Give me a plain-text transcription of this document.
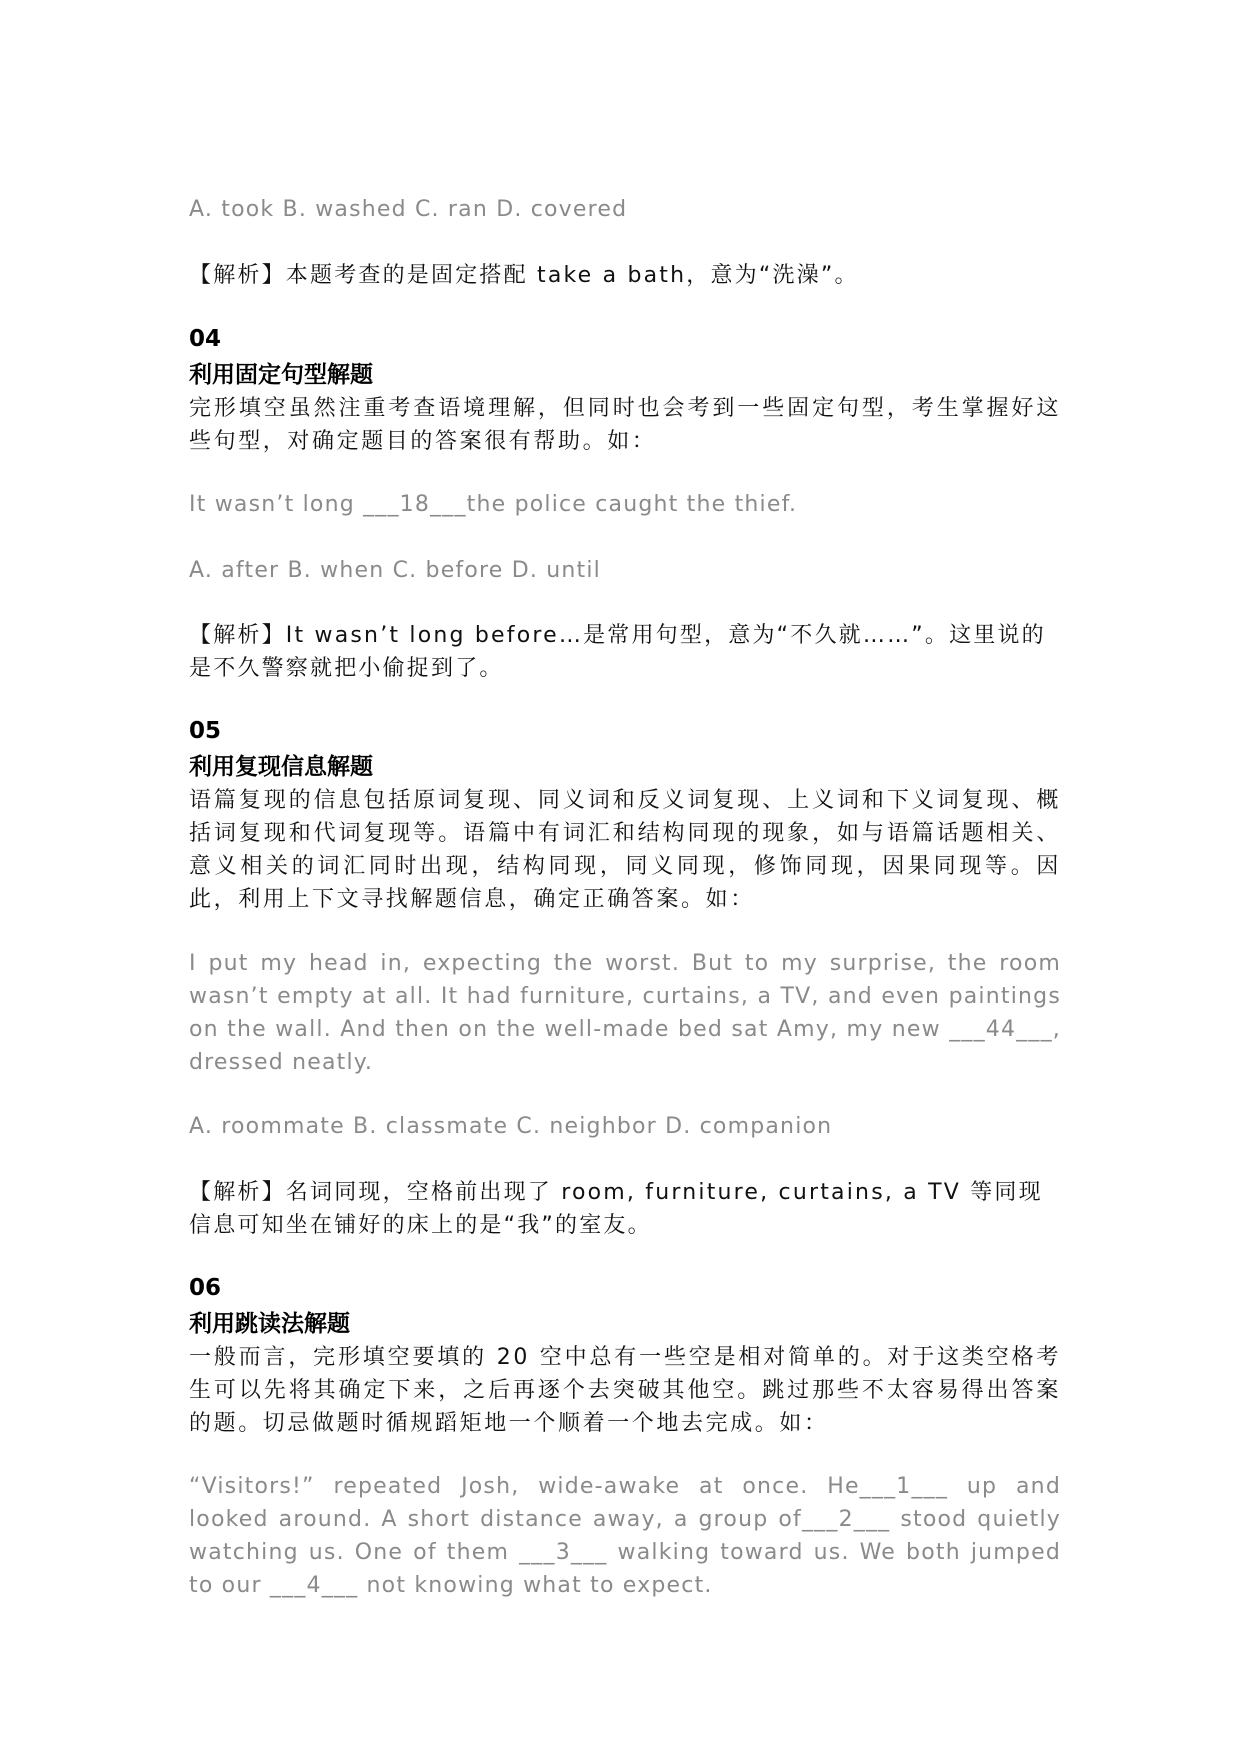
A. took B. washed C. ran D. covered
【解析】本题考查的是固定搭配 take a bath，意为“洗澡”。
04
利用固定句型解题
完形填空虽然注重考查语境理解，但同时也会考到一些固定句型，考生掌握好这些句型，对确定题目的答案很有帮助。如：
It wasn’t long ___18___the police caught the thief.
A. after B. when C. before D. until
【解析】It wasn’t long before…是常用句型，意为“不久就……”。这里说的是不久警察就把小偷捉到了。
05
利用复现信息解题
语篇复现的信息包括原词复现、同义词和反义词复现、上义词和下义词复现、概括词复现和代词复现等。语篇中有词汇和结构同现的现象，如与语篇话题相关、意义相关的词汇同时出现，结构同现，同义同现，修饰同现，因果同现等。因此，利用上下文寻找解题信息，确定正确答案。如：
I put my head in, expecting the worst. But to my surprise, the room wasn’t empty at all. It had furniture, curtains, a TV, and even paintings on the wall. And then on the well-made bed sat Amy, my new ___44___, dressed neatly.
A. roommate B. classmate C. neighbor D. companion
【解析】名词同现，空格前出现了 room, furniture, curtains, a TV 等同现信息可知坐在铺好的床上的是“我”的室友。
06
利用跳读法解题
一般而言，完形填空要填的 20 空中总有一些空是相对简单的。对于这类空格考生可以先将其确定下来，之后再逐个去突破其他空。跳过那些不太容易得出答案的题。切忌做题时循规蹈矩地一个顺着一个地去完成。如：
“Visitors!” repeated Josh, wide-awake at once. He___1___ up and looked around. A short distance away, a group of___2___ stood quietly watching us. One of them ___3___ walking toward us. We both jumped to our ___4___ not knowing what to expect.
